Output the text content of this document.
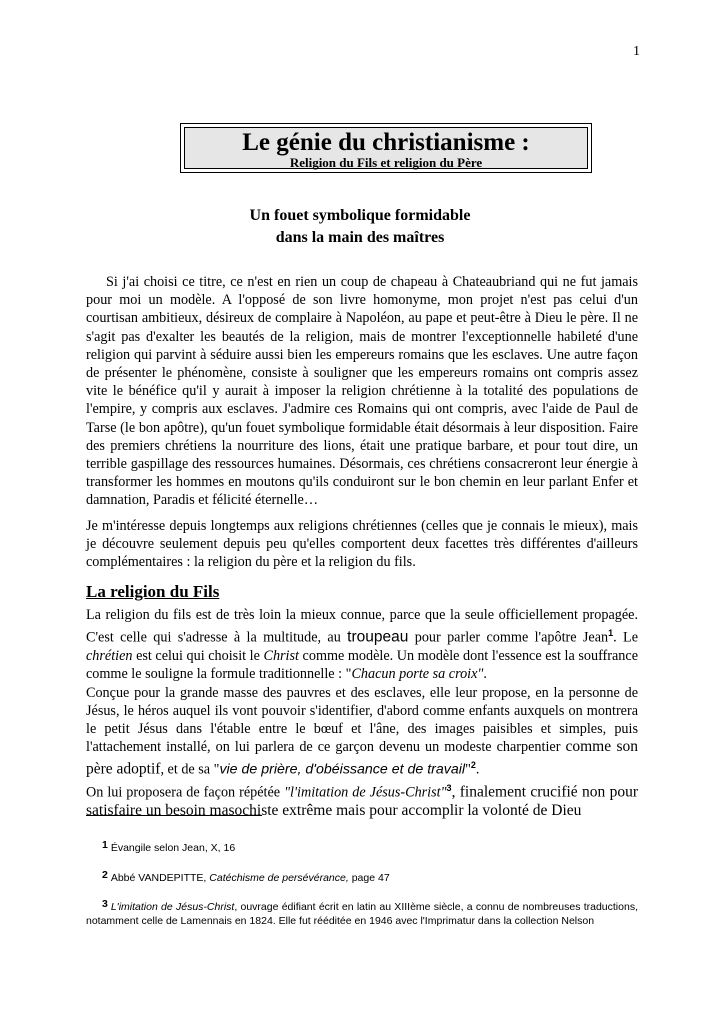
1
Le génie du christianisme :
Religion du Fils et religion du Père
Un fouet symbolique formidable
dans la main des maîtres

Si j'ai choisi ce titre, ce n'est en rien un coup de chapeau à Chateaubriand qui ne fut jamais pour moi un modèle. A l'opposé de son livre homonyme, mon projet n'est pas celui d'un courtisan ambitieux, désireux de complaire à Napoléon, au pape et peut-être à Dieu le père. Il ne s'agit pas d'exalter les beautés de la religion, mais de montrer l'exceptionnelle habileté d'une religion qui parvint à séduire aussi bien les empereurs romains que les esclaves. Une autre façon de présenter le phénomène, consiste à souligner que les empereurs romains ont compris assez vite le bénéfice qu'il y aurait à imposer la religion chrétienne à la totalité des populations de l'empire, y compris aux esclaves. J'admire ces Romains qui ont compris, avec l'aide de Paul de Tarse (le bon apôtre), qu'un fouet symbolique formidable était désormais à leur disposition. Faire des premiers chrétiens la nourriture des lions, était une pratique barbare, et pour tout dire, un terrible gaspillage des ressources humaines. Désormais, ces chrétiens consacreront leur énergie à transformer les hommes en moutons qu'ils conduiront sur le bon chemin en leur parlant Enfer et damnation, Paradis et félicité éternelle…

Je m'intéresse depuis longtemps aux religions chrétiennes (celles que je connais le mieux), mais je découvre seulement depuis peu qu'elles comportent deux facettes très différentes d'ailleurs complémentaires : la religion du père et la religion du fils.

La religion du Fils

La religion du fils est de très loin la mieux connue, parce que la seule officiellement propagée. C'est celle qui s'adresse à la multitude, au troupeau pour parler comme l'apôtre Jean$^1$. Le chrétien est celui qui choisit le Christ comme modèle. Un modèle dont l'essence est la souffrance comme le souligne la formule traditionnelle : "Chacun porte sa croix".
Conçue pour la grande masse des pauvres et des esclaves, elle leur propose, en la personne de Jésus, le héros auquel ils vont pouvoir s'identifier, d'abord comme enfants auxquels on montrera le petit Jésus dans l'étable entre le bœuf et l'âne, des images paisibles et simples, puis l'attachement installé, on lui parlera de ce garçon devenu un modeste charpentier comme son père adoptif, et de sa "vie de prière, d'obéissance et de travail"$^2$.
On lui proposera de façon répétée "l'imitation de Jésus-Christ"$^3$, finalement crucifié non pour satisfaire un besoin masochiste extrême mais pour accomplir la volonté de Dieu

1 Évangile selon Jean, X, 16

2 Abbé VANDEPITTE, Catéchisme de persévérance, page 47

3 L'imitation de Jésus-Christ, ouvrage édifiant écrit en latin au XIIIème siècle, a connu de nombreuses traductions, notamment celle de Lamennais en 1824. Elle fut rééditée en 1946 avec l'Imprimatur dans la collection Nelson
